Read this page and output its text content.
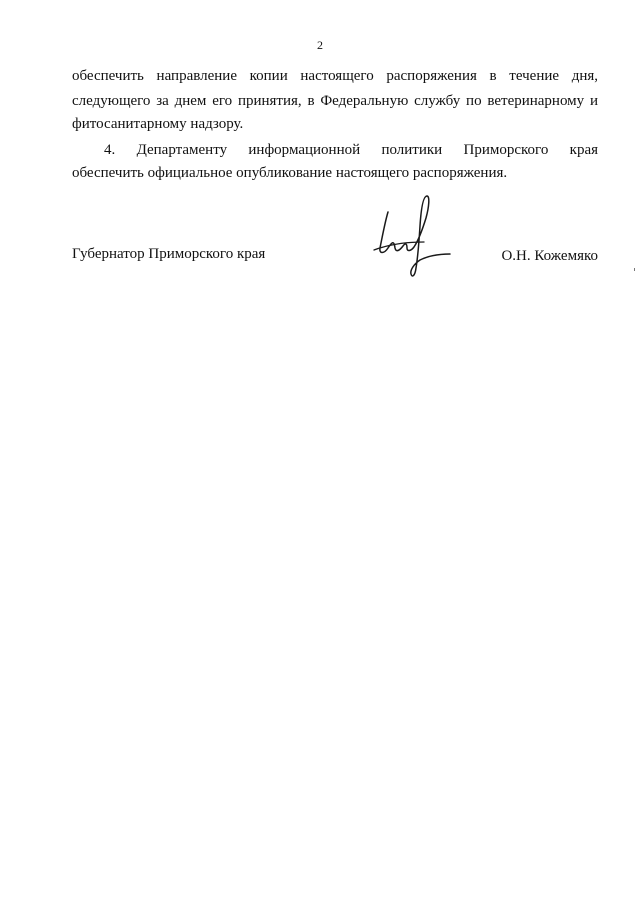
2
обеспечить направление копии настоящего распоряжения в течение дня,
следующего за днем его принятия, в Федеральную службу по ветеринарному и
фитосанитарному надзору.
4. Департаменту информационной политики Приморского края
обеспечить официальное опубликование настоящего распоряжения.
Губернатор Приморского края	О.Н. Кожемяко
